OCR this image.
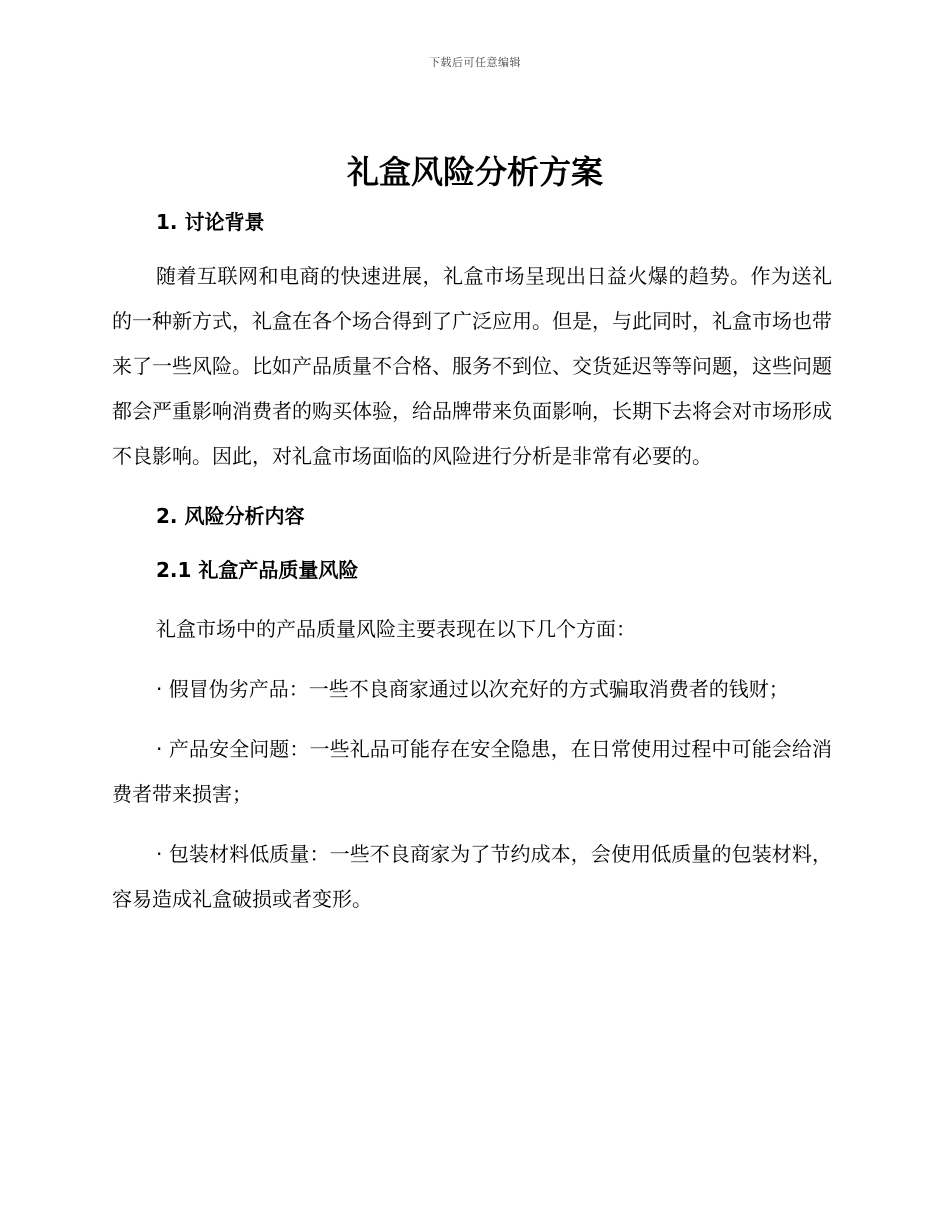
下载后可任意编辑
礼盒风险分析方案
1. 讨论背景

随着互联网和电商的快速进展，礼盒市场呈现出日益火爆的趋势。作为送礼的一种新方式，礼盒在各个场合得到了广泛应用。但是，与此同时，礼盒市场也带来了一些风险。比如产品质量不合格、服务不到位、交货延迟等等问题，这些问题都会严重影响消费者的购买体验，给品牌带来负面影响，长期下去将会对市场形成不良影响。因此，对礼盒市场面临的风险进行分析是非常有必要的。

2. 风险分析内容
2.1 礼盒产品质量风险

礼盒市场中的产品质量风险主要表现在以下几个方面：

· 假冒伪劣产品：一些不良商家通过以次充好的方式骗取消费者的钱财；

· 产品安全问题：一些礼品可能存在安全隐患，在日常使用过程中可能会给消费者带来损害；

· 包装材料低质量：一些不良商家为了节约成本，会使用低质量的包装材料，容易造成礼盒破损或者变形。
